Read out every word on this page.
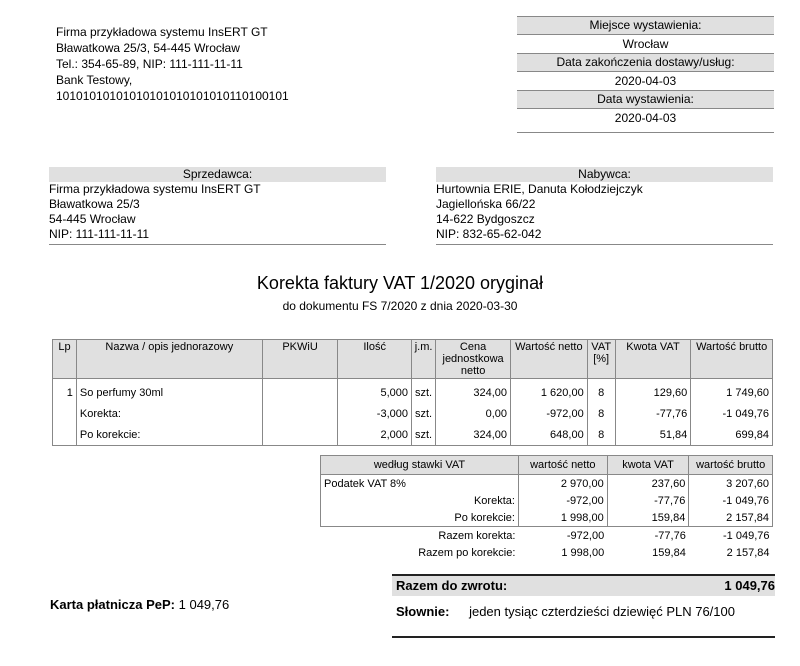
Firma przykładowa systemu InsERT GT
Bławatkowa 25/3, 54-445 Wrocław
Tel.: 354-65-89, NIP: 111-111-11-11
Bank Testowy,
10101010101010101010101010110100101
Miejsce wystawienia:
Wrocław
Data zakończenia dostawy/usług:
2020-04-03
Data wystawienia:
2020-04-03
Sprzedawca:
Firma przykładowa systemu InsERT GT
Bławatkowa 25/3
54-445 Wrocław
NIP: 111-111-11-11
Nabywca:
Hurtownia ERIE, Danuta Kołodziejczyk
Jagiellońska 66/22
14-622 Bydgoszcz
NIP: 832-65-62-042
Korekta faktury VAT 1/2020 oryginał
do dokumentu FS 7/2020 z dnia 2020-03-30
Lp	Nazwa / opis jednorazowy	PKWiU	Ilość	j.m.	Cena jednostkowa netto	Wartość netto	VAT [%]	Kwota VAT	Wartość brutto
1	So perfumy 30ml		5,000	szt.	324,00	1 620,00	8	129,60	1 749,60
	Korekta:		-3,000	szt.	0,00	-972,00	8	-77,76	-1 049,76
	Po korekcie:		2,000	szt.	324,00	648,00	8	51,84	699,84
według stawki VAT	wartość netto	kwota VAT	wartość brutto
Podatek VAT 8%	2 970,00	237,60	3 207,60
Korekta:	-972,00	-77,76	-1 049,76
Po korekcie:	1 998,00	159,84	2 157,84
Razem korekta:	-972,00	-77,76	-1 049,76
Razem po korekcie:	1 998,00	159,84	2 157,84
Razem do zwrotu:	1 049,76
Słownie: jeden tysiąc czterdzieści dziewięć PLN 76/100
Karta płatnicza PeP: 1 049,76
